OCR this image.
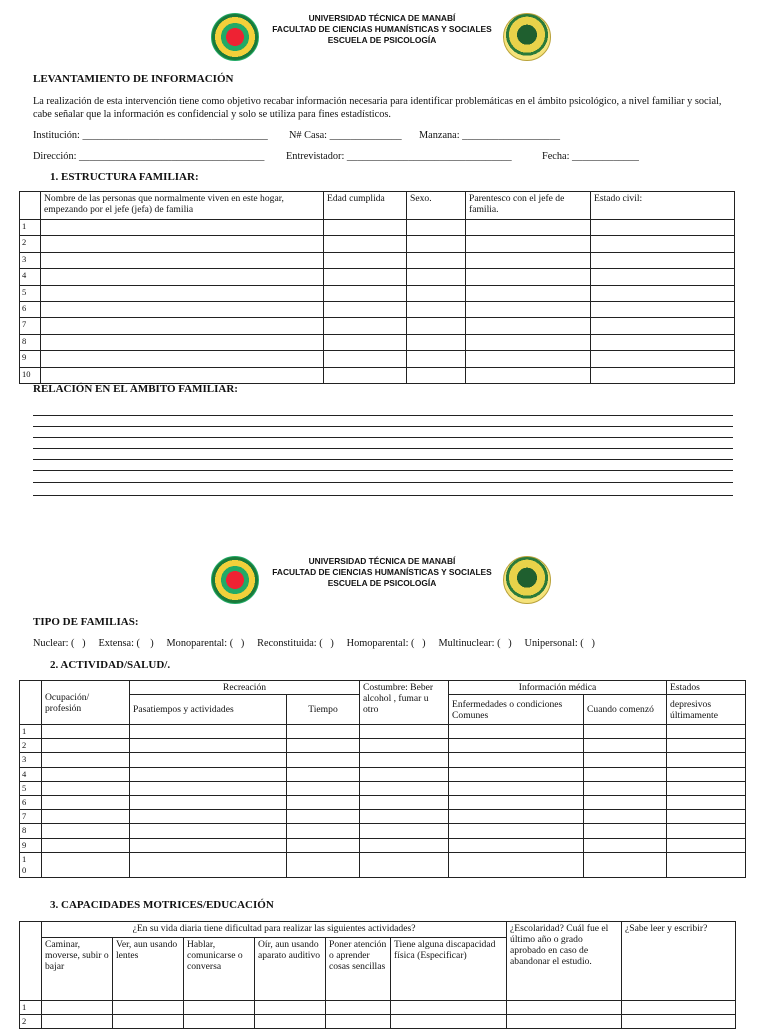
UNIVERSIDAD TÉCNICA DE MANABÍ
FACULTAD DE CIENCIAS HUMANÍSTICAS Y SOCIALES
ESCUELA DE PSICOLOGÍA
LEVANTAMIENTO DE INFORMACIÓN
La realización de esta intervención tiene como objetivo recabar información necesaria para identificar problemáticas en el ámbito psicológico, a nivel familiar y social, cabe señalar que la información es confidencial y solo se utiliza para fines estadísticos.
Institución: ____________________________________ N# Casa: ______________ Manzana: ___________________
Dirección: ____________________________________ Entrevistador: ________________________________	Fecha: _____________
1. ESTRUCTURA FAMILIAR:
	Nombre de las personas que normalmente viven en este hogar, empezando por el jefe (jefa) de familia	Edad cumplida	Sexo.	Parentesco con el jefe de familia.	Estado civil:
1					
2					
3					
4					
5					
6					
7					
8					
9					
10					
RELACIÓN EN EL ÁMBITO FAMILIAR:
UNIVERSIDAD TÉCNICA DE MANABÍ
FACULTAD DE CIENCIAS HUMANÍSTICAS Y SOCIALES
ESCUELA DE PSICOLOGÍA
TIPO DE FAMILIAS:
Nuclear: (   )     Extensa: (    )     Monoparental: (   )     Reconstituida: (   )     Homoparental: (   )     Multinuclear: (   )     Unipersonal: (   )
2. ACTIVIDAD/SALUD/.
	Ocupación/ profesión	Recreación		Costumbre: Beber alcohol , fumar u otro	Información médica		Estados
		Pasatiempos y actividades	Tiempo		Enfermedades o condiciones Comunes	Cuando comenzó	depresivos últimamente
1							
2							
3							
4							
5							
6							
7							
8							
9							
1
0							
3. CAPACIDADES MOTRICES/EDUCACIÓN
	¿En su vida diaria tiene dificultad para realizar las siguientes actividades?						¿Escolaridad? Cuál fue el último año o grado aprobado en caso de abandonar el estudio.	¿Sabe leer y escribir?
	Caminar, moverse, subir o bajar	Ver, aun usando lentes	Hablar, comunicarse o conversa	Oír, aun usando aparato auditivo	Poner atención o aprender cosas sencillas	Tiene alguna discapacidad física (Especificar)		
1								
2								
